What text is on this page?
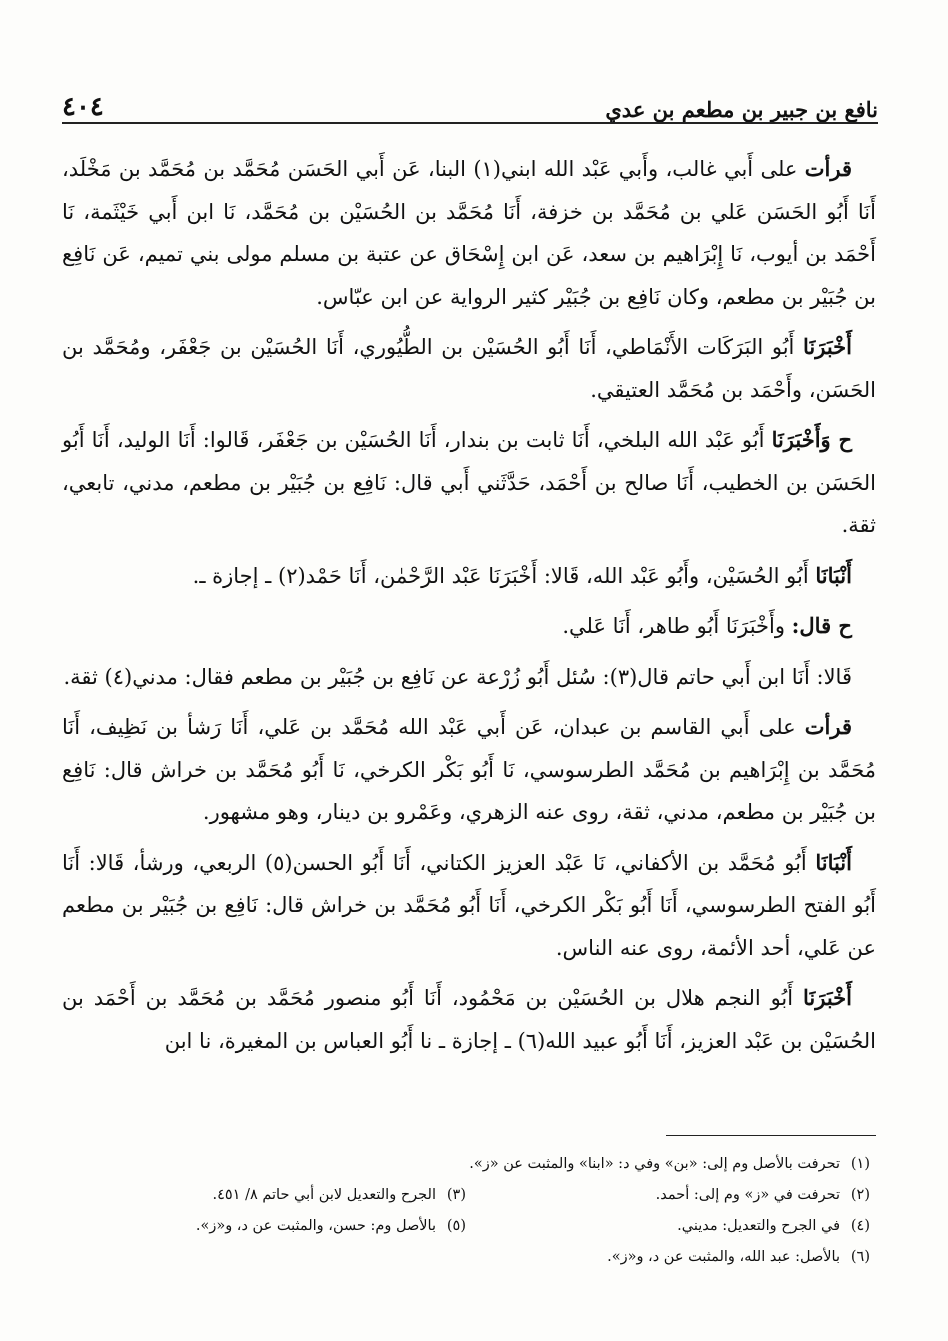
نافع بن جبير بن مطعم بن عدي
٤٠٤

قرأت على أَبي غالب، وأَبي عَبْد الله ابني(١) البنا، عَن أَبي الحَسَن مُحَمَّد بن مُحَمَّد بن مَخْلَد، أَنَا أَبُو الحَسَن عَلي بن مُحَمَّد بن خزفة، أَنَا مُحَمَّد بن الحُسَيْن بن مُحَمَّد، نَا ابن أَبي خَيْثَمة، نَا أَحْمَد بن أيوب، نَا إِبْرَاهيم بن سعد، عَن ابن إِسْحَاق عن عتبة بن مسلم مولى بني تميم، عَن نَافِع بن جُبَيْر بن مطعم، وكان نَافِع بن جُبَيْر كثير الرواية عن ابن عبّاس.

أَخْبَرَنَا أَبُو البَرَكَات الأَنْمَاطي، أَنَا أَبُو الحُسَيْن بن الطُّيُوري، أَنَا الحُسَيْن بن جَعْفَر، ومُحَمَّد بن الحَسَن، وأَحْمَد بن مُحَمَّد العتيقي.

ح وَأَخْبَرَنَا أَبُو عَبْد الله البلخي، أَنَا ثابت بن بندار، أَنَا الحُسَيْن بن جَعْفَر، قَالوا: أَنَا الوليد، أَنَا أَبُو الحَسَن بن الخطيب، أَنَا صالح بن أَحْمَد، حَدَّثَني أَبي قال: نَافِع بن جُبَيْر بن مطعم، مدني، تابعي، ثقة.

أَنْبَانَا أَبُو الحُسَيْن، وأَبُو عَبْد الله، قَالا: أَخْبَرَنَا عَبْد الرَّحْمٰن، أَنَا حَمْد(٢) ـ إجازة ـ.

ح قال: وأَخْبَرَنَا أَبُو طاهر، أَنَا عَلي.

قَالا: أَنَا ابن أَبي حاتم قال(٣): سُئل أَبُو زُرْعة عن نَافِع بن جُبَيْر بن مطعم فقال: مدني(٤) ثقة.

قرأت على أَبي القاسم بن عبدان، عَن أَبي عَبْد الله مُحَمَّد بن عَلي، أَنَا رَشأ بن نَظِيف، أَنَا مُحَمَّد بن إِبْرَاهيم بن مُحَمَّد الطرسوسي، نَا أَبُو بَكْر الكرخي، نَا أَبُو مُحَمَّد بن خراش قال: نَافِع بن جُبَيْر بن مطعم، مدني، ثقة، روى عنه الزهري، وعَمْرو بن دينار، وهو مشهور.

أَنْبَانَا أَبُو مُحَمَّد بن الأكفاني، نَا عَبْد العزيز الكتاني، أَنَا أَبُو الحسن(٥) الربعي، ورشأ، قَالا: أَنَا أَبُو الفتح الطرسوسي، أَنَا أَبُو بَكْر الكرخي، أَنَا أَبُو مُحَمَّد بن خراش قال: نَافِع بن جُبَيْر بن مطعم عن عَلي، أحد الأئمة، روى عنه الناس.

أَخْبَرَنَا أَبُو النجم هلال بن الحُسَيْن بن مَحْمُود، أَنَا أَبُو منصور مُحَمَّد بن مُحَمَّد بن أَحْمَد بن الحُسَيْن بن عَبْد العزيز، أَنَا أَبُو عبيد الله(٦) ـ إجازة ـ نا أَبُو العباس بن المغيرة، نا ابن

(١)تحرفت بالأصل وم إلى: «بن» وفي د: «ابنا» والمثبت عن «ز».
(٢)تحرفت في «ز» وم إلى: أحمد.
(٣)الجرح والتعديل لابن أبي حاتم ٨/ ٤٥١.
(٤)في الجرح والتعديل: مديني.
(٥)بالأصل وم: حسن، والمثبت عن د، و«ز».
(٦)بالأصل: عبد الله، والمثبت عن د، و«ز».
